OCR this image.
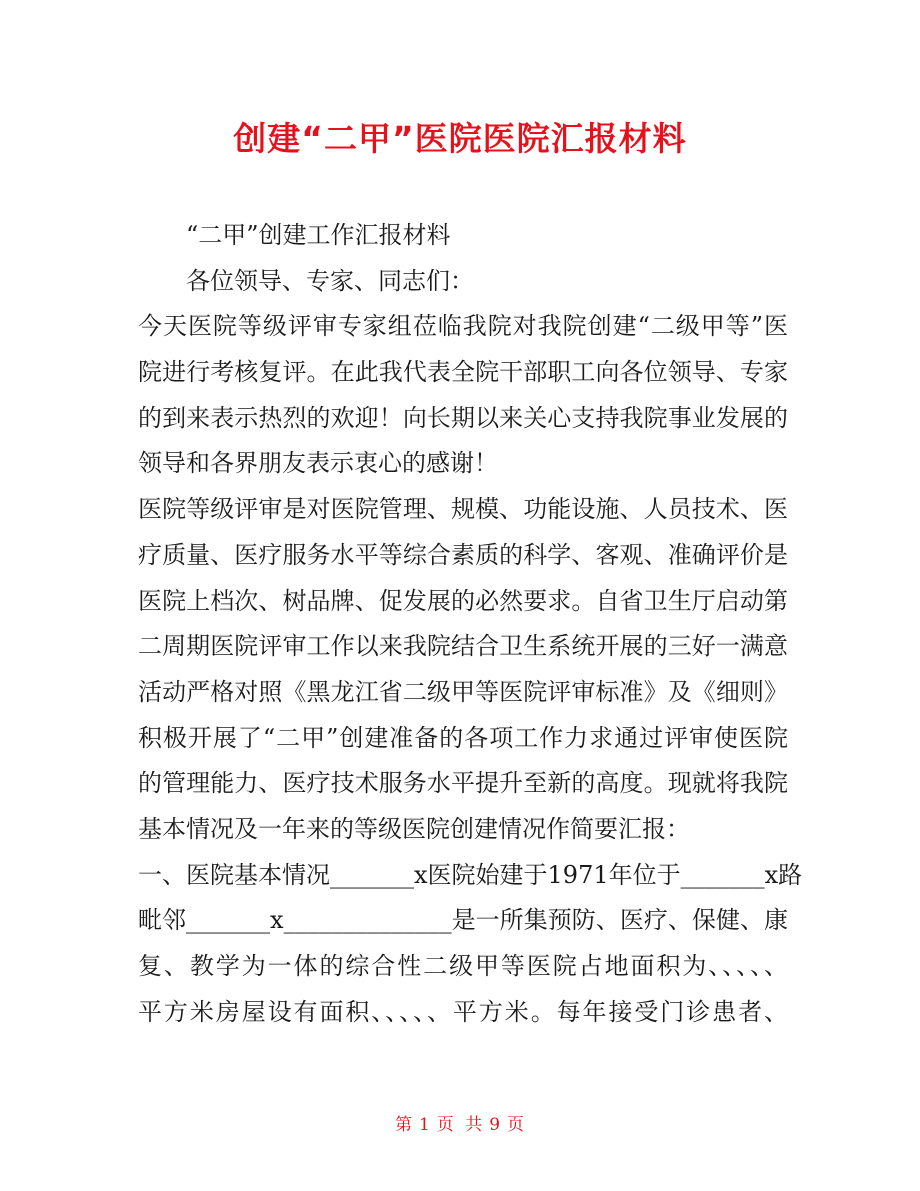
创建“二甲”医院医院汇报材料
“二甲”创建工作汇报材料
各位领导、专家、同志们：
今天医院等级评审专家组莅临我院对我院创建“二级甲等”医
院进行考核复评。在此我代表全院干部职工向各位领导、专家
的到来表示热烈的欢迎！向长期以来关心支持我院事业发展的
领导和各界朋友表示衷心的感谢！
医院等级评审是对医院管理、规模、功能设施、人员技术、医
疗质量、医疗服务水平等综合素质的科学、客观、准确评价是
医院上档次、树品牌、促发展的必然要求。自省卫生厅启动第
二周期医院评审工作以来我院结合卫生系统开展的三好一满意
活动严格对照《黑龙江省二级甲等医院评审标准》及《细则》
积极开展了“二甲”创建准备的各项工作力求通过评审使医院
的管理能力、医疗技术服务水平提升至新的高度。现就将我院
基本情况及一年来的等级医院创建情况作简要汇报：
一、医院基本情况_______x医院始建于1971年位于_______x路
毗邻_______x______________是一所集预防、医疗、保健、康
复、教学为一体的综合性二级甲等医院占地面积为、、、、、
平方米房屋设有面积、、、、、平方米。每年接受门诊患者、
第 1 页 共 9 页
